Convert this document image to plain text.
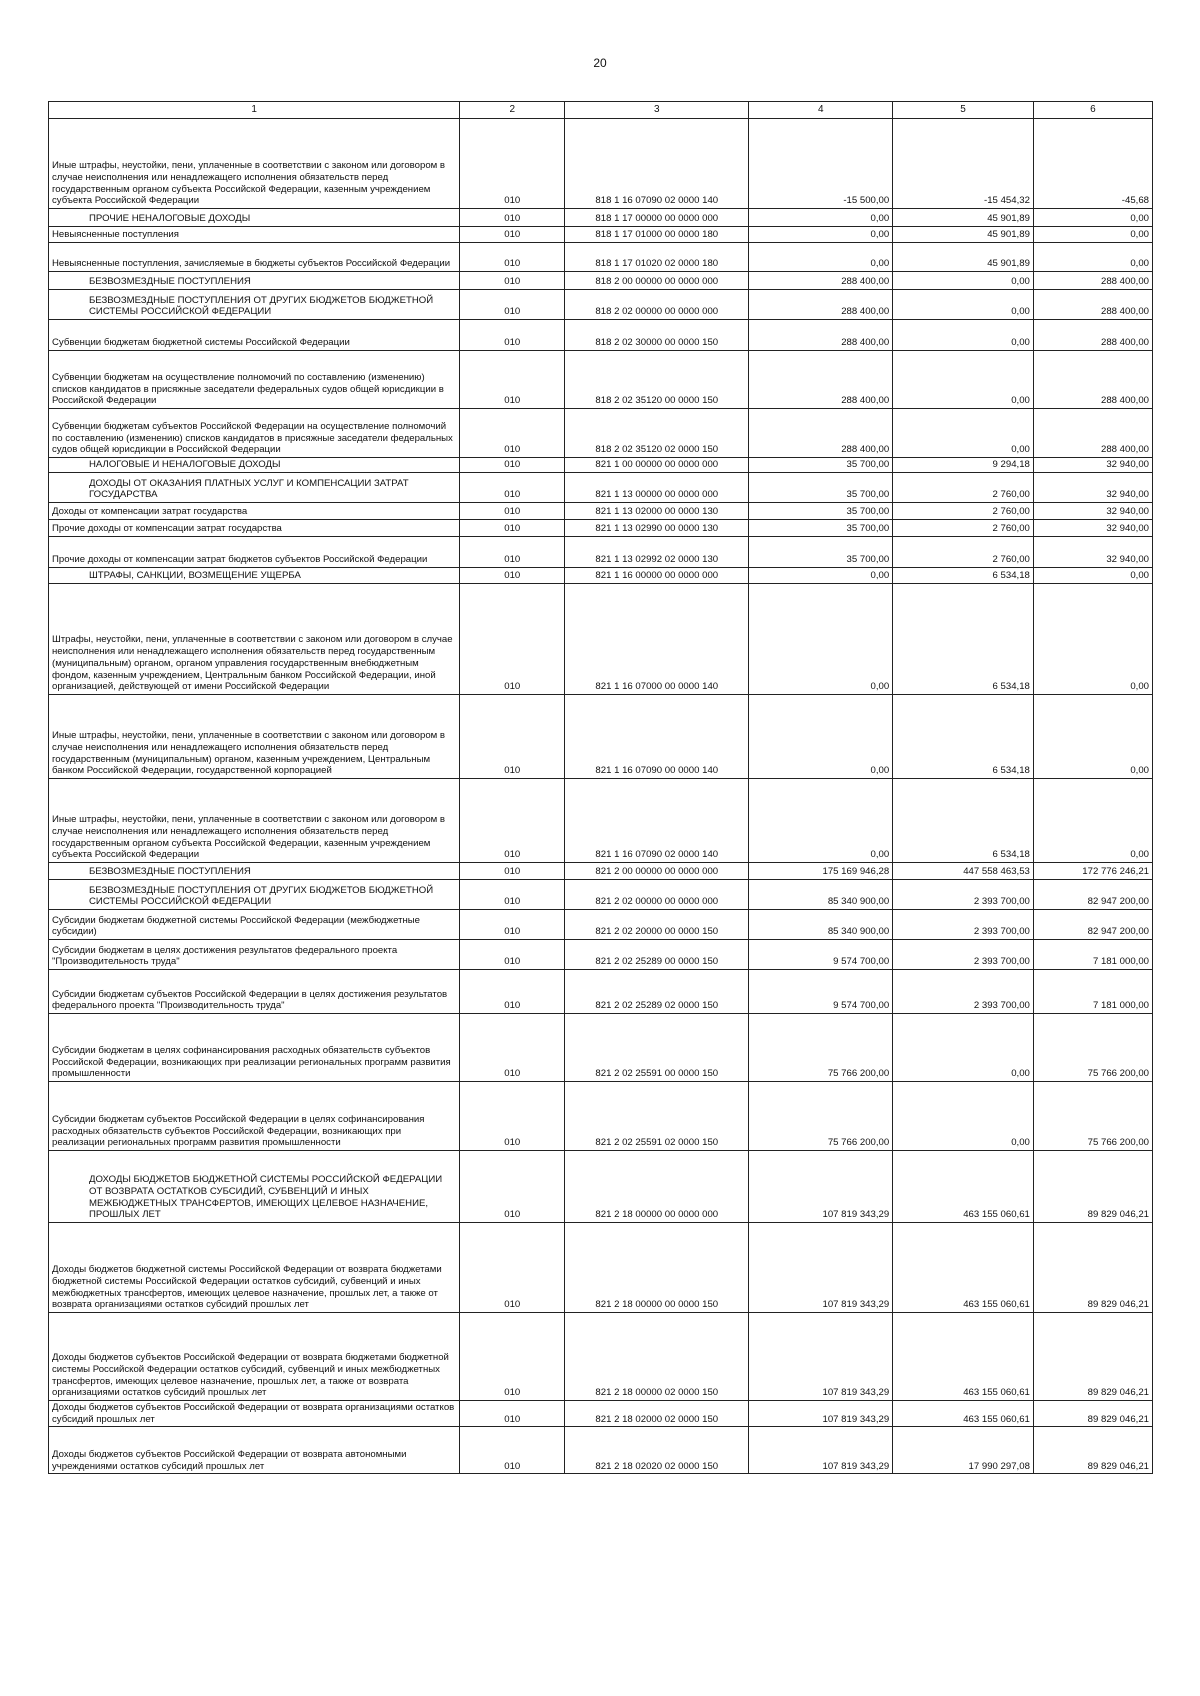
20
1	2	3	4	5	6
Иные штрафы, неустойки, пени, уплаченные в соответствии с законом или договором в случае неисполнения или ненадлежащего исполнения обязательств перед государственным органом субъекта Российской Федерации, казенным учреждением субъекта Российской Федерации	010	818 1 16 07090 02 0000 140	-15 500,00	-15 454,32	-45,68
ПРОЧИЕ НЕНАЛОГОВЫЕ ДОХОДЫ	010	818 1 17 00000 00 0000 000	0,00	45 901,89	0,00
Невыясненные поступления	010	818 1 17 01000 00 0000 180	0,00	45 901,89	0,00
Невыясненные поступления, зачисляемые в бюджеты субъектов Российской Федерации	010	818 1 17 01020 02 0000 180	0,00	45 901,89	0,00
БЕЗВОЗМЕЗДНЫЕ ПОСТУПЛЕНИЯ	010	818 2 00 00000 00 0000 000	288 400,00	0,00	288 400,00
БЕЗВОЗМЕЗДНЫЕ ПОСТУПЛЕНИЯ ОТ ДРУГИХ БЮДЖЕТОВ БЮДЖЕТНОЙ СИСТЕМЫ РОССИЙСКОЙ ФЕДЕРАЦИИ	010	818 2 02 00000 00 0000 000	288 400,00	0,00	288 400,00
Субвенции бюджетам бюджетной системы Российской Федерации	010	818 2 02 30000 00 0000 150	288 400,00	0,00	288 400,00
Субвенции бюджетам на осуществление полномочий по составлению (изменению) списков кандидатов в присяжные заседатели федеральных судов общей юрисдикции в Российской Федерации	010	818 2 02 35120 00 0000 150	288 400,00	0,00	288 400,00
Субвенции бюджетам субъектов Российской Федерации на осуществление полномочий по составлению (изменению) списков кандидатов в присяжные заседатели федеральных судов общей юрисдикции в Российской Федерации	010	818 2 02 35120 02 0000 150	288 400,00	0,00	288 400,00
НАЛОГОВЫЕ И НЕНАЛОГОВЫЕ ДОХОДЫ	010	821 1 00 00000 00 0000 000	35 700,00	9 294,18	32 940,00
ДОХОДЫ ОТ ОКАЗАНИЯ ПЛАТНЫХ УСЛУГ И КОМПЕНСАЦИИ ЗАТРАТ ГОСУДАРСТВА	010	821 1 13 00000 00 0000 000	35 700,00	2 760,00	32 940,00
Доходы от компенсации затрат государства	010	821 1 13 02000 00 0000 130	35 700,00	2 760,00	32 940,00
Прочие доходы от компенсации затрат государства	010	821 1 13 02990 00 0000 130	35 700,00	2 760,00	32 940,00
Прочие доходы от компенсации затрат бюджетов субъектов Российской Федерации	010	821 1 13 02992 02 0000 130	35 700,00	2 760,00	32 940,00
ШТРАФЫ, САНКЦИИ, ВОЗМЕЩЕНИЕ УЩЕРБА	010	821 1 16 00000 00 0000 000	0,00	6 534,18	0,00
Штрафы, неустойки, пени, уплаченные в соответствии с законом или договором в случае неисполнения или ненадлежащего исполнения обязательств перед государственным (муниципальным) органом, органом управления государственным внебюджетным фондом, казенным учреждением, Центральным банком Российской Федерации, иной организацией, действующей от имени Российской Федерации	010	821 1 16 07000 00 0000 140	0,00	6 534,18	0,00
Иные штрафы, неустойки, пени, уплаченные в соответствии с законом или договором в случае неисполнения или ненадлежащего исполнения обязательств перед государственным (муниципальным) органом, казенным учреждением, Центральным банком Российской Федерации, государственной корпорацией	010	821 1 16 07090 00 0000 140	0,00	6 534,18	0,00
Иные штрафы, неустойки, пени, уплаченные в соответствии с законом или договором в случае неисполнения или ненадлежащего исполнения обязательств перед государственным органом субъекта Российской Федерации, казенным учреждением субъекта Российской Федерации	010	821 1 16 07090 02 0000 140	0,00	6 534,18	0,00
БЕЗВОЗМЕЗДНЫЕ ПОСТУПЛЕНИЯ	010	821 2 00 00000 00 0000 000	175 169 946,28	447 558 463,53	172 776 246,21
БЕЗВОЗМЕЗДНЫЕ ПОСТУПЛЕНИЯ ОТ ДРУГИХ БЮДЖЕТОВ БЮДЖЕТНОЙ СИСТЕМЫ РОССИЙСКОЙ ФЕДЕРАЦИИ	010	821 2 02 00000 00 0000 000	85 340 900,00	2 393 700,00	82 947 200,00
Субсидии бюджетам бюджетной системы Российской Федерации (межбюджетные субсидии)	010	821 2 02 20000 00 0000 150	85 340 900,00	2 393 700,00	82 947 200,00
Субсидии бюджетам в целях достижения результатов федерального проекта "Производительность труда"	010	821 2 02 25289 00 0000 150	9 574 700,00	2 393 700,00	7 181 000,00
Субсидии бюджетам субъектов Российской Федерации в целях достижения результатов федерального проекта "Производительность труда"	010	821 2 02 25289 02 0000 150	9 574 700,00	2 393 700,00	7 181 000,00
Субсидии бюджетам в целях софинансирования расходных обязательств субъектов Российской Федерации, возникающих при реализации региональных программ развития промышленности	010	821 2 02 25591 00 0000 150	75 766 200,00	0,00	75 766 200,00
Субсидии бюджетам субъектов Российской Федерации в целях софинансирования расходных обязательств субъектов Российской Федерации, возникающих при реализации региональных программ развития промышленности	010	821 2 02 25591 02 0000 150	75 766 200,00	0,00	75 766 200,00
ДОХОДЫ БЮДЖЕТОВ БЮДЖЕТНОЙ СИСТЕМЫ РОССИЙСКОЙ ФЕДЕРАЦИИ ОТ ВОЗВРАТА ОСТАТКОВ СУБСИДИЙ, СУБВЕНЦИЙ И ИНЫХ МЕЖБЮДЖЕТНЫХ ТРАНСФЕРТОВ, ИМЕЮЩИХ ЦЕЛЕВОЕ НАЗНАЧЕНИЕ, ПРОШЛЫХ ЛЕТ	010	821 2 18 00000 00 0000 000	107 819 343,29	463 155 060,61	89 829 046,21
Доходы бюджетов бюджетной системы Российской Федерации от возврата бюджетами бюджетной системы Российской Федерации остатков субсидий, субвенций и иных межбюджетных трансфертов, имеющих целевое назначение, прошлых лет, а также от возврата организациями остатков субсидий прошлых лет	010	821 2 18 00000 00 0000 150	107 819 343,29	463 155 060,61	89 829 046,21
Доходы бюджетов субъектов Российской Федерации от возврата бюджетами бюджетной системы Российской Федерации остатков субсидий, субвенций и иных межбюджетных трансфертов, имеющих целевое назначение, прошлых лет, а также от возврата организациями остатков субсидий прошлых лет	010	821 2 18 00000 02 0000 150	107 819 343,29	463 155 060,61	89 829 046,21
Доходы бюджетов субъектов Российской Федерации от возврата организациями остатков субсидий прошлых лет	010	821 2 18 02000 02 0000 150	107 819 343,29	463 155 060,61	89 829 046,21
Доходы бюджетов субъектов Российской Федерации от возврата автономными учреждениями остатков субсидий прошлых лет	010	821 2 18 02020 02 0000 150	107 819 343,29	17 990 297,08	89 829 046,21
